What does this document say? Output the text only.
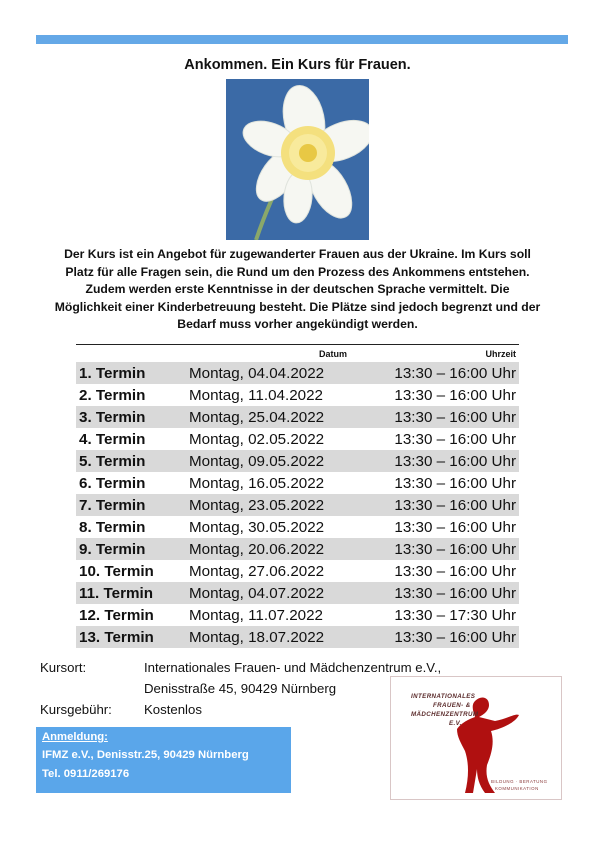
Ankommen. Ein Kurs für Frauen.
Der Kurs ist ein Angebot für zugewanderter Frauen aus der Ukraine. Im Kurs soll
Platz für alle Fragen sein, die Rund um den Prozess des Ankommens entstehen.
Zudem werden erste Kenntnisse in der deutschen Sprache vermittelt. Die
Möglichkeit einer Kinderbetreuung besteht. Die Plätze sind jedoch begrenzt und der
Bedarf muss vorher angekündigt werden.
	Datum	Uhrzeit
1. Termin	Montag, 04.04.2022	13:30 – 16:00 Uhr
2. Termin	Montag, 11.04.2022	13:30 – 16:00 Uhr
3. Termin	Montag, 25.04.2022	13:30 – 16:00 Uhr
4. Termin	Montag, 02.05.2022	13:30 – 16:00 Uhr
5. Termin	Montag, 09.05.2022	13:30 – 16:00 Uhr
6. Termin	Montag, 16.05.2022	13:30 – 16:00 Uhr
7. Termin	Montag, 23.05.2022	13:30 – 16:00 Uhr
8. Termin	Montag, 30.05.2022	13:30 – 16:00 Uhr
9. Termin	Montag, 20.06.2022	13:30 – 16:00 Uhr
10. Termin	Montag, 27.06.2022	13:30 – 16:00 Uhr
11. Termin	Montag, 04.07.2022	13:30 – 16:00 Uhr
12. Termin	Montag, 11.07.2022	13:30 – 17:30 Uhr
13. Termin	Montag, 18.07.2022	13:30 – 16:00 Uhr
Kursort:	Internationales Frauen- und Mädchenzentrum e.V.,
Denisstraße 45, 90429 Nürnberg
Kursgebühr: Kostenlos
Anmeldung:
IFMZ e.V., Denisstr.25, 90429 Nürnberg
Tel. 0911/269176
INTERNATIONALES
FRAUEN- &
MÄDCHENZENTRUM
E.V.
BILDUNG · BERATUNG
KOMMUNIKATION
